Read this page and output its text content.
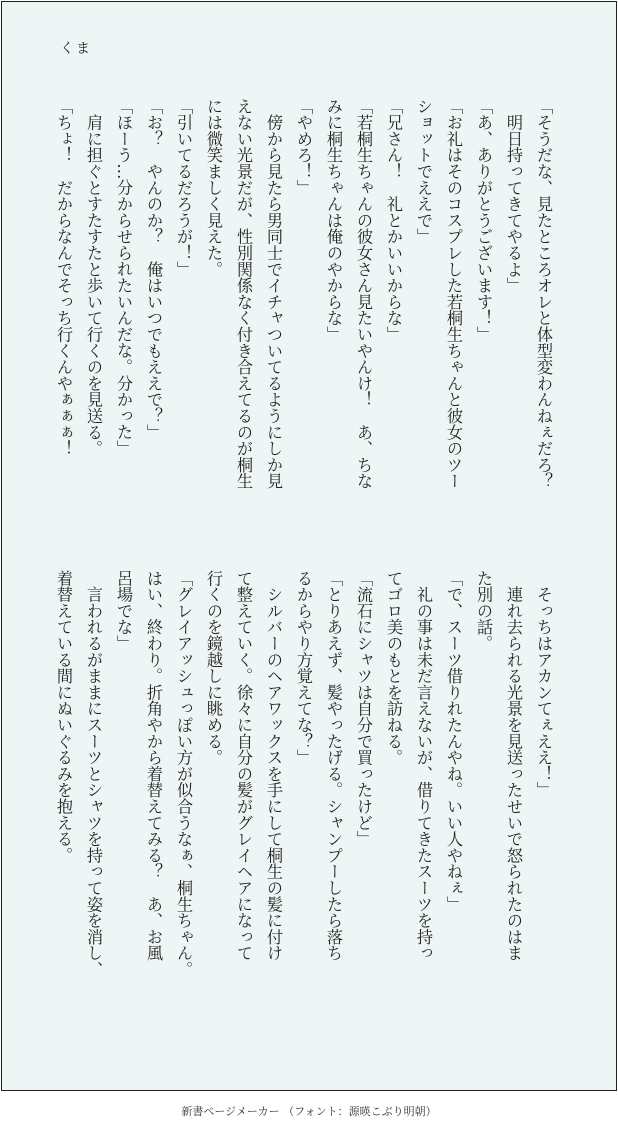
くま
「そうだな、見たところオレと体型変わんねぇだろ？
　明日持ってきてやるよ」
「あ、ありがとうございます！」
「お礼はそのコスプレした若桐生ちゃんと彼女のツー
ショットでええで」
「兄さん！　礼とかいいからな」
「若桐生ちゃんの彼女さん見たいやんけ！　あ、ちな
みに桐生ちゃんは俺のやからな」
「やめろ！」
　傍から見たら男同士でイチャついてるようにしか見
えない光景だが、性別関係なく付き合えてるのが桐生
には微笑ましく見えた。
「引いてるだろうが！」
「お？　やんのか？　俺はいつでもええで？」
「ほーう…分からせられたいんだな。分かった」
　肩に担ぐとすたすたと歩いて行くのを見送る。
「ちょ！　だからなんでそっち行くんやぁぁぁ！
　そっちはアカンてぇええ！」
　連れ去られる光景を見送ったせいで怒られたのはま
た別の話。
「で、スーツ借りれたんやね。いい人やねぇ」
　礼の事は未だ言えないが、借りてきたスーツを持っ
てゴロ美のもとを訪ねる。
「流石にシャツは自分で買ったけど」
「とりあえず、髪やったげる。シャンプーしたら落ち
るからやり方覚えてな？」
　シルバーのヘアワックスを手にして桐生の髪に付け
て整えていく。徐々に自分の髪がグレイヘアになって
行くのを鏡越しに眺める。
「グレイアッシュっぽい方が似合うなぁ、桐生ちゃん。
はい、終わり。折角やから着替えてみる？　あ、お風
呂場でな」
　言われるがままにスーツとシャツを持って姿を消し、
着替えている間にぬいぐるみを抱える。
新書ページメーカー （フォント：源暎こぶり明朝）
